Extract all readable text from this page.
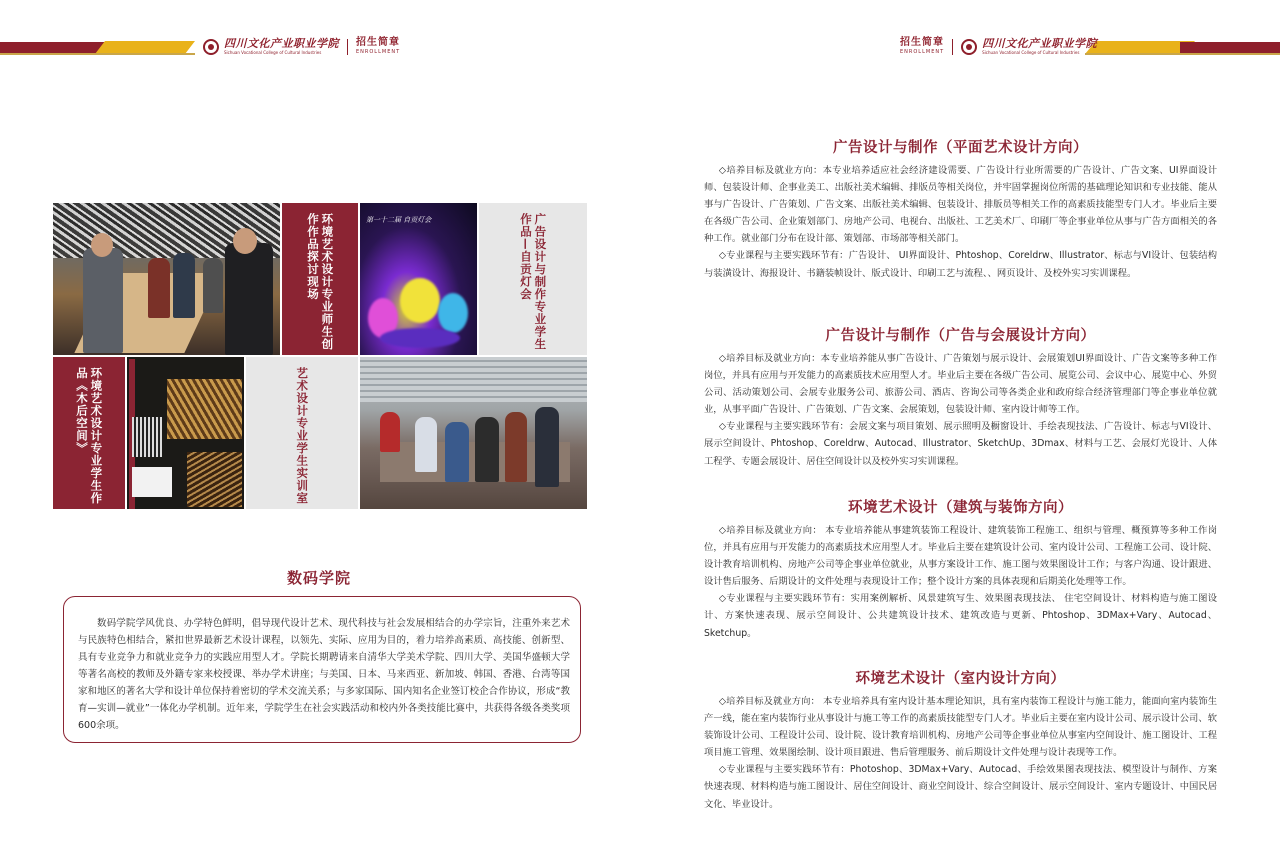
四川文化产业职业学院
Sichuan Vocational College of Cultural Industries
招生简章
ENROLLMENT
招生简章
ENROLLMENT
四川文化产业职业学院
Sichuan Vocational College of Cultural Industries
环境艺术设计专业师生创作作品探讨现场	第一十二届 自贡灯会	广告设计与制作专业学生作品—自贡灯会
环境艺术设计专业学生作品《木后空间》	艺术设计专业学生实训室
数码学院

数码学院学风优良、办学特色鲜明，倡导现代设计艺术、现代科技与社会发展相结合的办学宗旨，注重外来艺术与民族特色相结合，紧扣世界最新艺术设计课程，以领先、实际、应用为目的，着力培养高素质、高技能、创新型、具有专业竞争力和就业竞争力的实践应用型人才。学院长期聘请来自清华大学美术学院、四川大学、美国华盛顿大学等著名高校的教师及外籍专家来校授课、举办学术讲座；与美国、日本、马来西亚、新加坡、韩国、香港、台湾等国家和地区的著名大学和设计单位保持着密切的学术交流关系；与多家国际、国内知名企业签订校企合作协议，形成“教育—实训—就业”一体化办学机制。近年来，学院学生在社会实践活动和校内外各类技能比赛中，共获得各级各类奖项600余项。

广告设计与制作（平面艺术设计方向）

◇培养目标及就业方向：本专业培养适应社会经济建设需要、广告设计行业所需要的广告设计、广告文案、UI界面设计师、包装设计师、企事业美工、出版社美术编辑、排版员等相关岗位，并牢固掌握岗位所需的基础理论知识和专业技能、能从事与广告设计、广告策划、广告文案、出版社美术编辑、包装设计、排版员等相关工作的高素质技能型专门人才。毕业后主要在各级广告公司、企业策划部门、房地产公司、电视台、出版社、工艺美术厂、印刷厂等企事业单位从事与广告方面相关的各种工作。就业部门分布在设计部、策划部、市场部等相关部门。

◇专业课程与主要实践环节有：广告设计、 UI界面设计、Phtoshop、Coreldrw、Illustrator、标志与VI设计、包装结构与装潢设计、海报设计、书籍装帧设计、版式设计、印刷工艺与流程、、网页设计、及校外实习实训课程。

广告设计与制作（广告与会展设计方向）

◇培养目标及就业方向：本专业培养能从事广告设计、广告策划与展示设计、会展策划UI界面设计、广告文案等多种工作岗位，并具有应用与开发能力的高素质技术应用型人才。毕业后主要在各级广告公司、展览公司、会议中心、展览中心、外贸公司、活动策划公司、会展专业服务公司、旅游公司、酒店、咨询公司等各类企业和政府综合经济管理部门等企事业单位就业，从事平面广告设计、广告策划、广告文案、会展策划，包装设计师、室内设计师等工作。

◇专业课程与主要实践环节有：会展文案与项目策划、展示照明及橱窗设计、手绘表现技法、广告设计、标志与VI设计、展示空间设计、Phtoshop、Coreldrw、Autocad、Illustrator、SketchUp、3Dmax、材料与工艺、会展灯光设计、人体工程学、专题会展设计、居住空间设计以及校外实习实训课程。

环境艺术设计（建筑与装饰方向）

◇培养目标及就业方向： 本专业培养能从事建筑装饰工程设计、建筑装饰工程施工、组织与管理、概预算等多种工作岗位，并具有应用与开发能力的高素质技术应用型人才。毕业后主要在建筑设计公司、室内设计公司、工程施工公司、设计院、设计教育培训机构、房地产公司等企事业单位就业，从事方案设计工作、施工图与效果图设计工作；与客户沟通、设计跟进、设计售后服务、后期设计的文件处理与表现设计工作；整个设计方案的具体表现和后期美化处理等工作。

◇专业课程与主要实践环节有：实用案例解析、风景建筑写生、效果图表现技法、 住宅空间设计、材料构造与施工图设计、方案快速表现、展示空间设计、公共建筑设计技术、建筑改造与更新、Phtoshop、3DMax+Vary、Autocad、Sketchup。

环境艺术设计（室内设计方向）

◇培养目标及就业方向： 本专业培养具有室内设计基本理论知识，具有室内装饰工程设计与施工能力，能面向室内装饰生产一线，能在室内装饰行业从事设计与施工等工作的高素质技能型专门人才。毕业后主要在室内设计公司、展示设计公司、软装饰设计公司、工程设计公司、设计院、设计教育培训机构、房地产公司等企事业单位从事室内空间设计、施工图设计、工程项目施工管理、效果图绘制、设计项目跟进、售后管理服务、前后期设计文件处理与设计表现等工作。

◇专业课程与主要实践环节有：Photoshop、3DMax+Vary、Autocad、手绘效果图表现技法、模型设计与制作、方案快速表现、材料构造与施工图设计、居住空间设计、商业空间设计、综合空间设计、展示空间设计、室内专题设计、中国民居文化、毕业设计。
